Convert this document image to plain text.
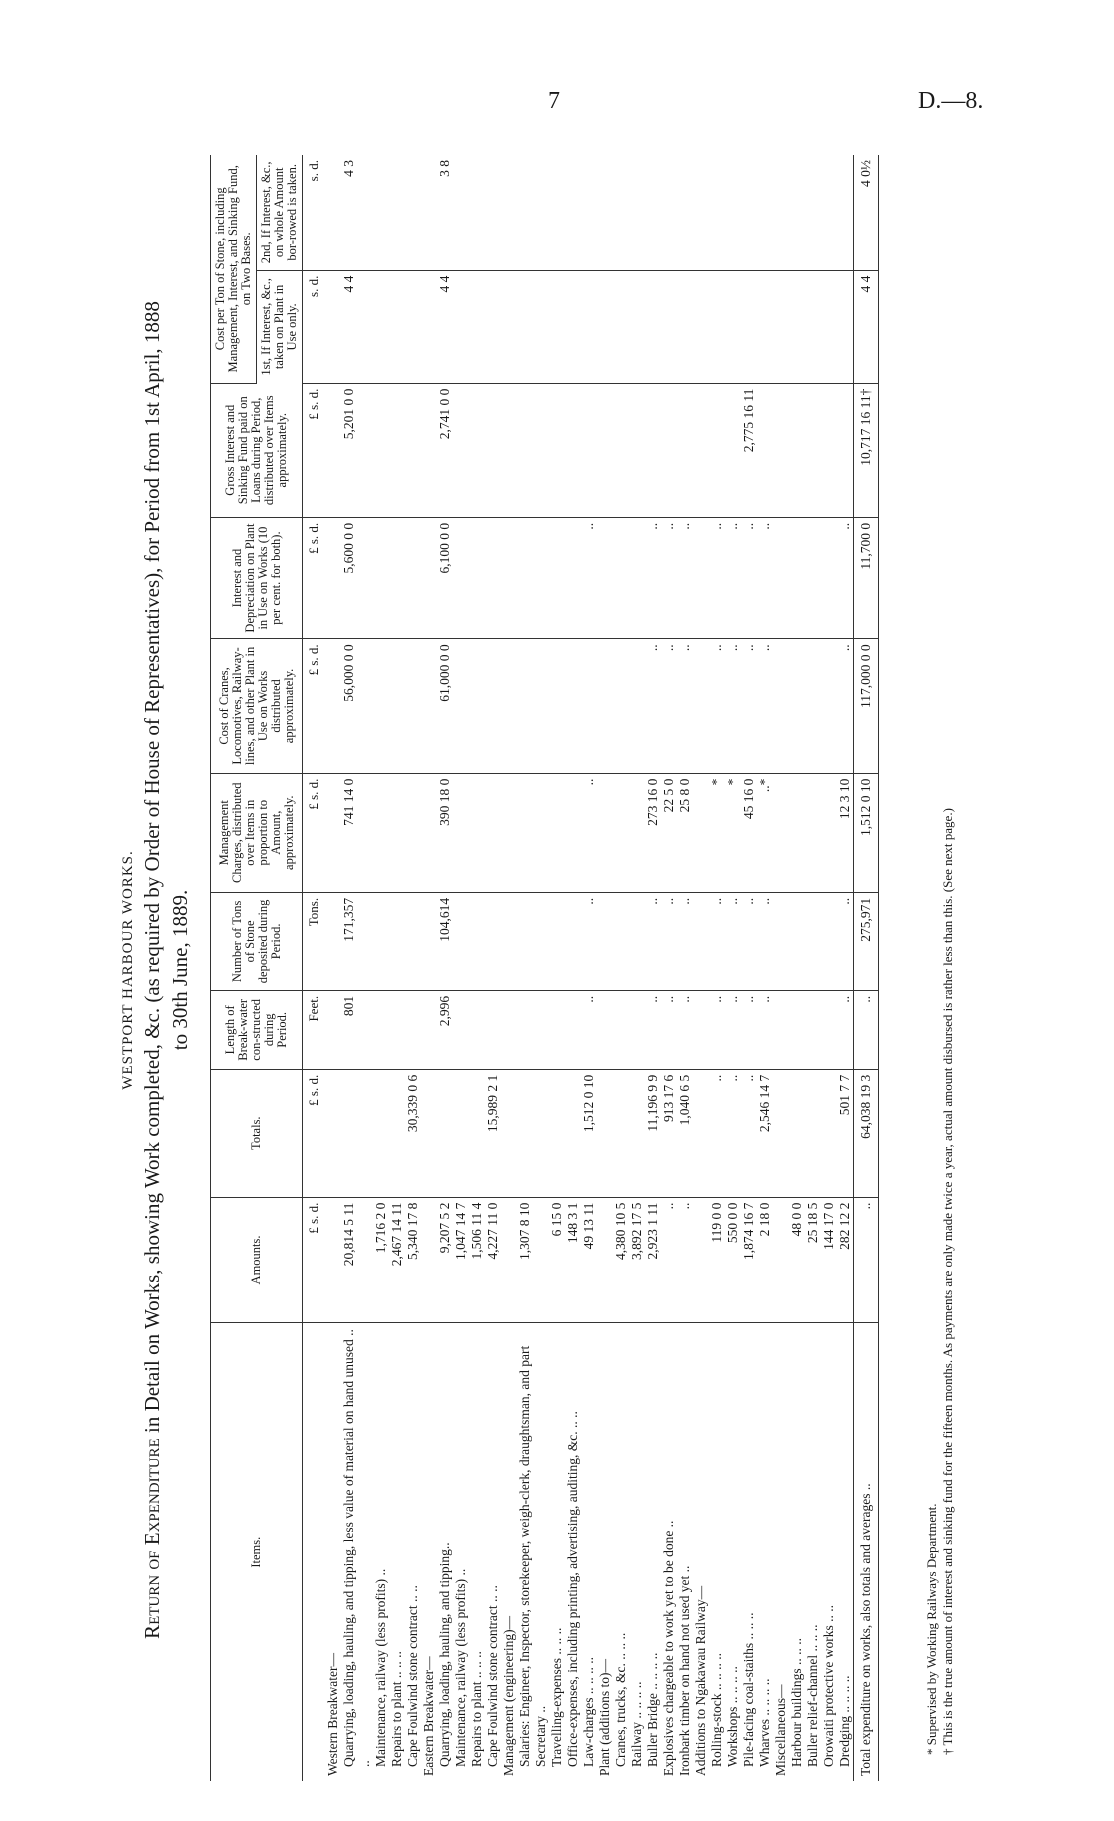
7	D.—8.
WESTPORT HARBOUR WORKS.
Return of Expenditure in Detail on Works, showing Work completed, &c. (as required by Order of House of Representatives), for Period from 1st April, 1888 to 30th June, 1889.
Items.	Amounts.	Totals.	Length of Break-water con-structed during Period.	Number of Tons of Stone deposited during Period.	Management Charges, distributed over Items in proportion to Amount, approximately.	Cost of Cranes, Locomotives, Railway-lines, and other Plant in Use on Works distributed approximately.	Interest and Depreciation on Plant in Use on Works (10 per cent. for both).	Gross Interest and Sinking Fund paid on Loans during Period, distributed over Items approximately.	Cost per Ton of Stone, including Management, Interest, and Sinking Fund, on Two Bases.	
									1st, If Interest, &c., taken on Plant in Use only.	2nd, If Interest, &c., on whole Amount bor-rowed is taken.
	£ s. d.	£ s. d.	Feet.	Tons.	£ s. d.	£ s. d.	£ s. d.	£ s. d.	s. d.	s. d.
Western Breakwater—										
Quarrying, loading, hauling, and tipping, less value of material on hand unused .. ..	20,814 5 11		801	171,357	741 14 0	56,000 0 0	5,600 0 0	5,201 0 0	4 4	4 3
Maintenance, railway (less profits) ..	1,716 2 0									
Repairs to plant .. .. ..	2,467 14 11									
Cape Foulwind stone contract .. ..	5,340 17 8	30,339 0 6								
Eastern Breakwater—										
Quarrying, loading, hauling, and tipping..	9,207 5 2		2,996	104,614	390 18 0	61,000 0 0	6,100 0 0	2,741 0 0	4 4	3 8
Maintenance, railway (less profits) ..	1,047 14 7									
Repairs to plant .. .. ..	1,506 11 4									
Cape Foulwind stone contract .. ..	4,227 11 0	15,989 2 1								
Management (engineering)—										
Salaries: Engineer, Inspector, storekeeper, weigh-clerk, draughtsman, and part Secretary ..	1,307 8 10									
Travelling-expenses .. .. ..	6 15 0									
Office-expenses, including printing, advertising, auditing, &c. .. ..	148 3 1									
Law-charges .. .. .. ..	49 13 11	1,512 0 10	..	..	..		..			
Plant (additions to)—										
Cranes, trucks, &c. .. .. ..	4,380 10 5									
Railway .. .. .. ..	3,892 17 5									
Buller Bridge .. .. .. ..	2,923 1 11	11,196 9 9	..	..	273 16 0	..	..			
Explosives chargeable to work yet to be done ..	..	913 17 6	..	..	22 5 0	..	..			
Ironbark timber on hand not used yet ..	..	1,040 6 5	..	..	25 8 0	..	..			
Additions to Ngakawau Railway—										
Rolling-stock .. .. .. ..	119 0 0	..	..	..	*	..	..			
Workshops .. .. .. ..	550 0 0	..	..	..	*	..	..			
Pile-facing coal-staiths .. .. ..	1,874 16 7	..	..	..	45 16 0	..	..	2,775 16 11		
Wharves .. .. .. ..	2 18 0	2,546 14 7	..	..	..*	..	..			
Miscellaneous—										
Harbour buildings .. .. ..	48 0 0									
Buller relief-channel .. .. ..	25 18 5									
Orowaiti protective works .. ..	144 17 0									
Dredging .. .. .. ..	282 12 2	501 7 7	..	..	12 3 10	..	..			
Total expenditure on works, also totals and averages ..	..	64,038 19 3	..	275,971	1,512 0 10	117,000 0 0	11,700 0	10,717 16 11†	4 4	4 0½
* Supervised by Working Railways Department. † This is the true amount of interest and sinking fund for the fifteen months. As payments are only made twice a year, actual amount disbursed is rather less than this. (See next page.)
